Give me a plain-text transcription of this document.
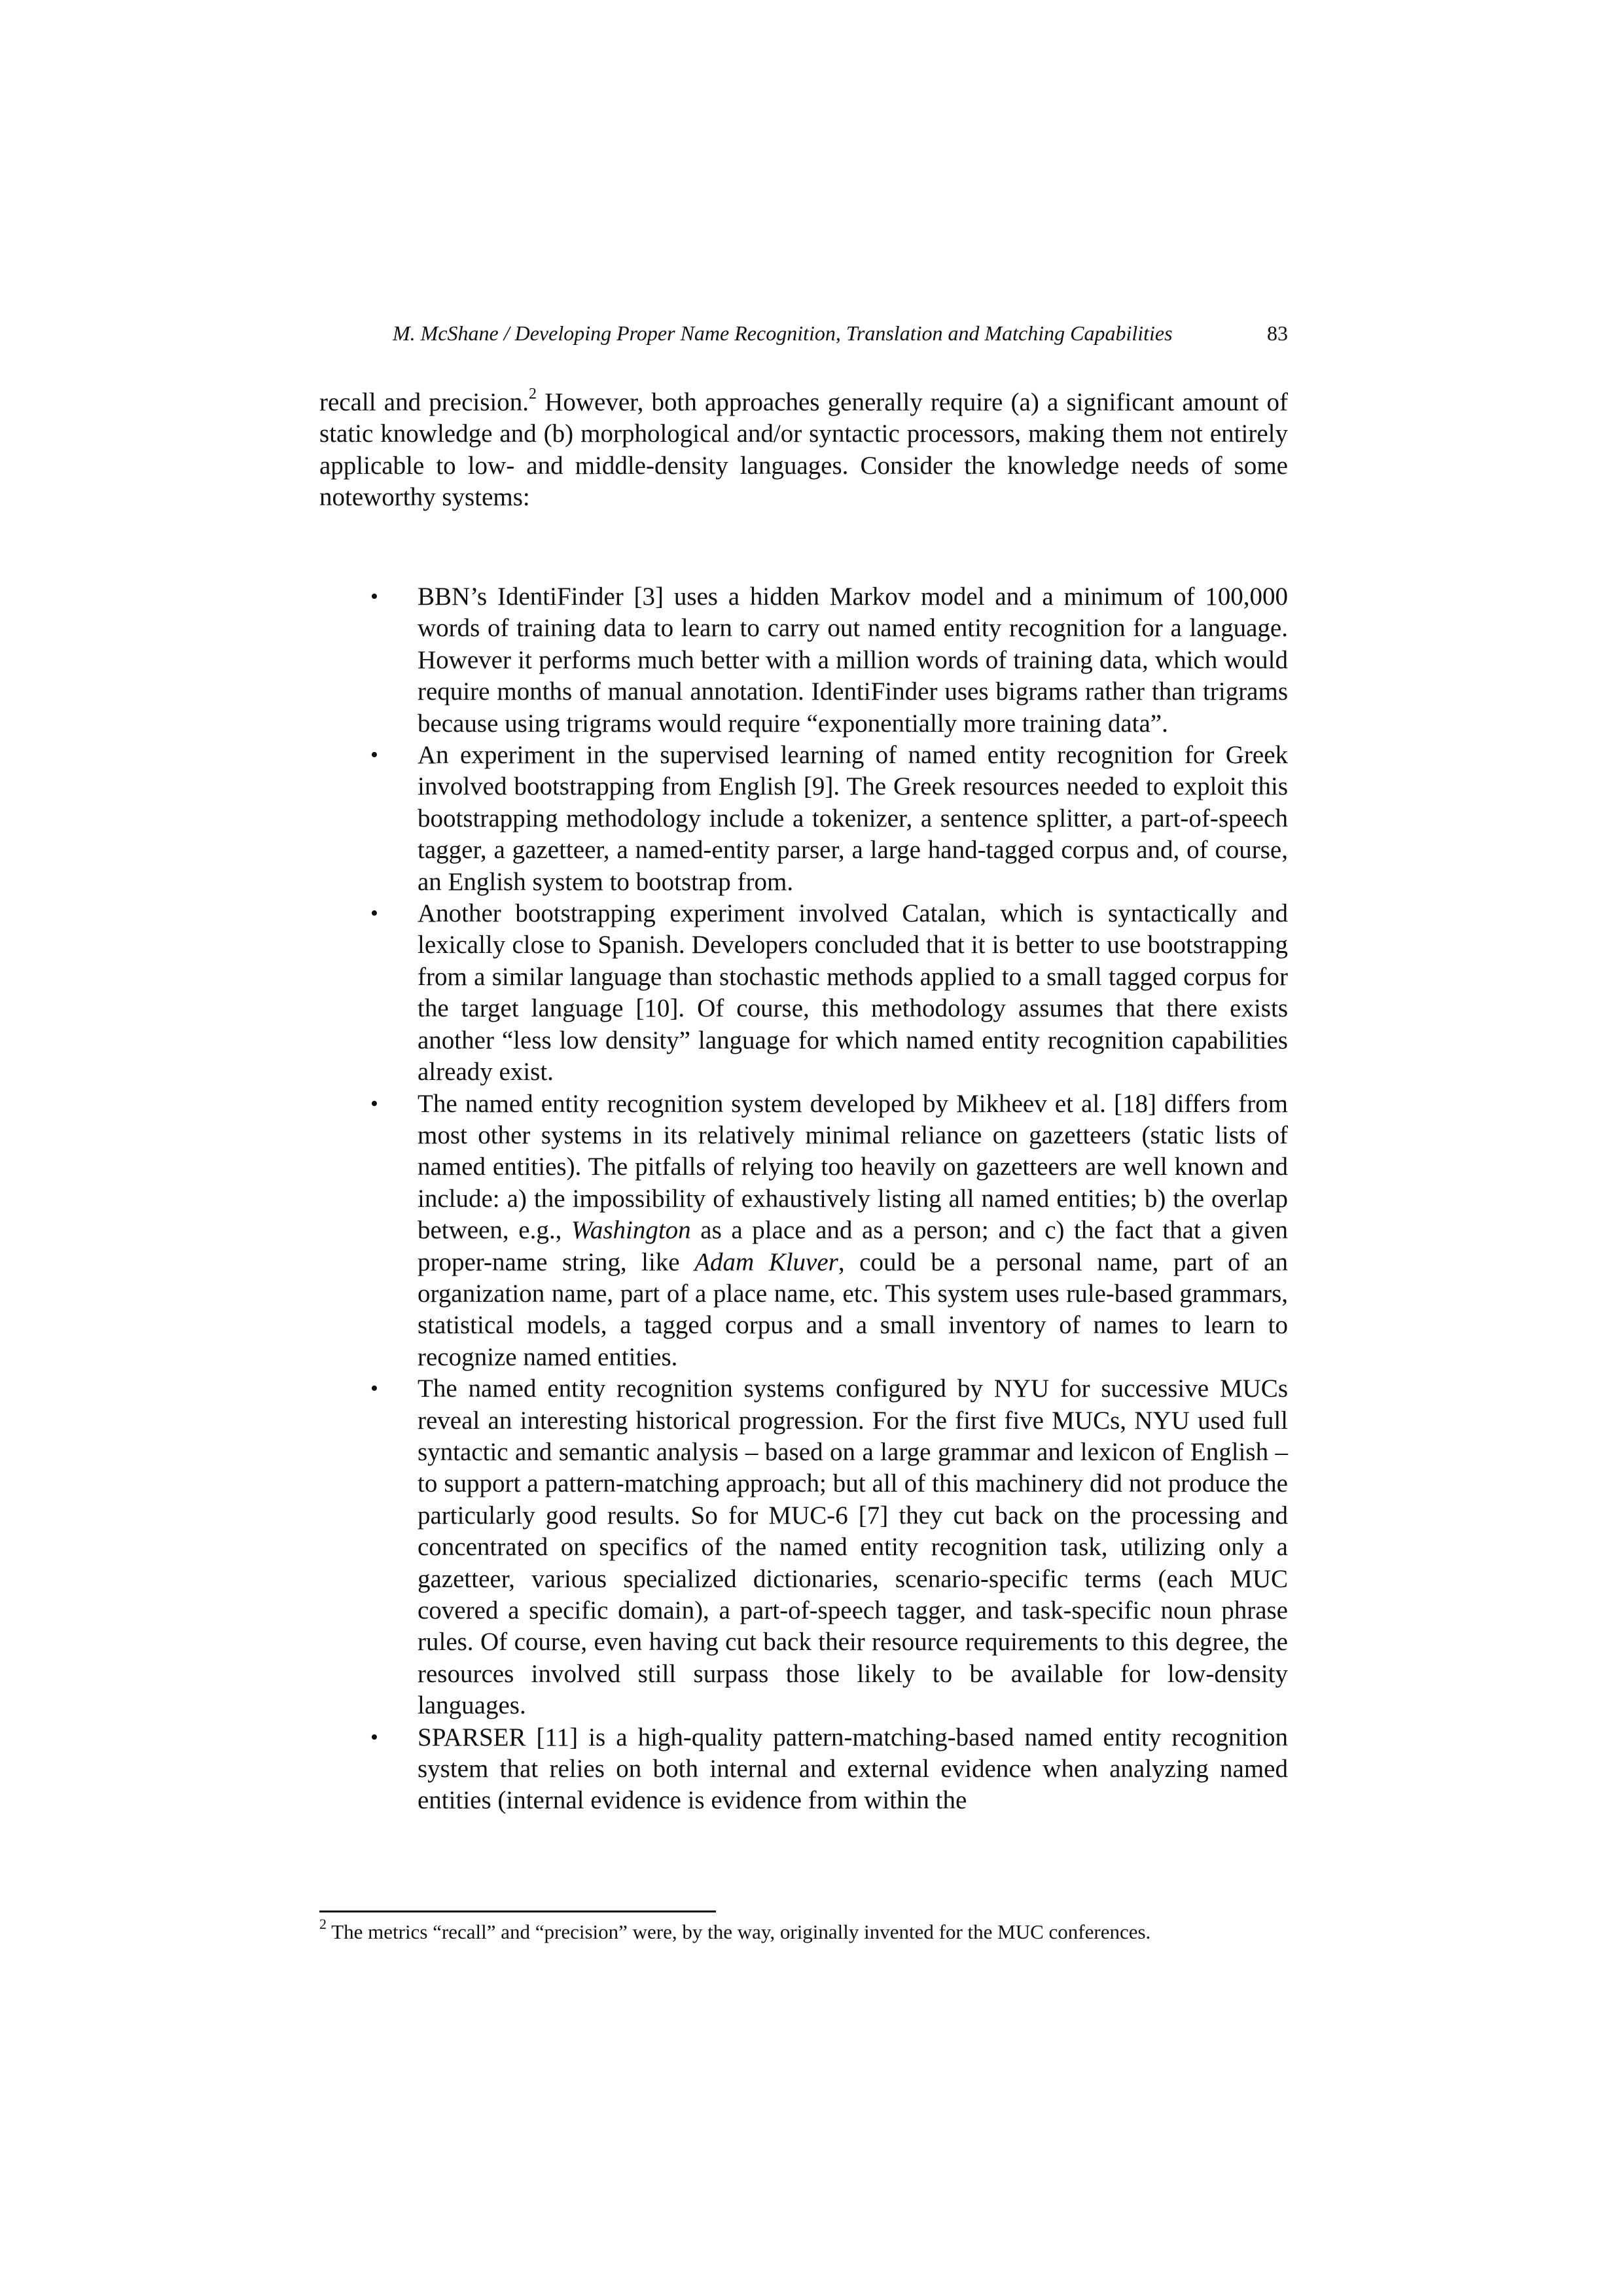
M. McShane / Developing Proper Name Recognition, Translation and Matching Capabilities	83

recall and precision.$^2$ However, both approaches generally require (a) a significant amount of static knowledge and (b) morphological and/or syntactic processors, making them not entirely applicable to low- and middle-density languages. Consider the knowledge needs of some noteworthy systems:

• BBN’s IdentiFinder [3] uses a hidden Markov model and a minimum of 100,000 words of training data to learn to carry out named entity recognition for a language. However it performs much better with a million words of training data, which would require months of manual annotation. IdentiFinder uses bigrams rather than trigrams because using trigrams would require “exponentially more training data”.
• An experiment in the supervised learning of named entity recognition for Greek involved bootstrapping from English [9]. The Greek resources needed to exploit this bootstrapping methodology include a tokenizer, a sentence splitter, a part-of-speech tagger, a gazetteer, a named-entity parser, a large hand-tagged corpus and, of course, an English system to bootstrap from.
• Another bootstrapping experiment involved Catalan, which is syntactically and lexically close to Spanish. Developers concluded that it is better to use bootstrapping from a similar language than stochastic methods applied to a small tagged corpus for the target language [10]. Of course, this methodology assumes that there exists another “less low density” language for which named entity recognition capabilities already exist.
• The named entity recognition system developed by Mikheev et al. [18] differs from most other systems in its relatively minimal reliance on gazetteers (static lists of named entities). The pitfalls of relying too heavily on gazetteers are well known and include: a) the impossibility of exhaustively listing all named entities; b) the overlap between, e.g., Washington as a place and as a person; and c) the fact that a given proper-name string, like Adam Kluver, could be a personal name, part of an organization name, part of a place name, etc. This system uses rule-based grammars, statistical models, a tagged corpus and a small inventory of names to learn to recognize named entities.
• The named entity recognition systems configured by NYU for successive MUCs reveal an interesting historical progression. For the first five MUCs, NYU used full syntactic and semantic analysis – based on a large grammar and lexicon of English – to support a pattern-matching approach; but all of this machinery did not produce the particularly good results. So for MUC-6 [7] they cut back on the processing and concentrated on specifics of the named entity recognition task, utilizing only a gazetteer, various specialized dictionaries, scenario-specific terms (each MUC covered a specific domain), a part-of-speech tagger, and task-specific noun phrase rules. Of course, even having cut back their resource requirements to this degree, the resources involved still surpass those likely to be available for low-density languages.
• SPARSER [11] is a high-quality pattern-matching-based named entity recognition system that relies on both internal and external evidence when analyzing named entities (internal evidence is evidence from within the
$^2$ The metrics “recall” and “precision” were, by the way, originally invented for the MUC conferences.
